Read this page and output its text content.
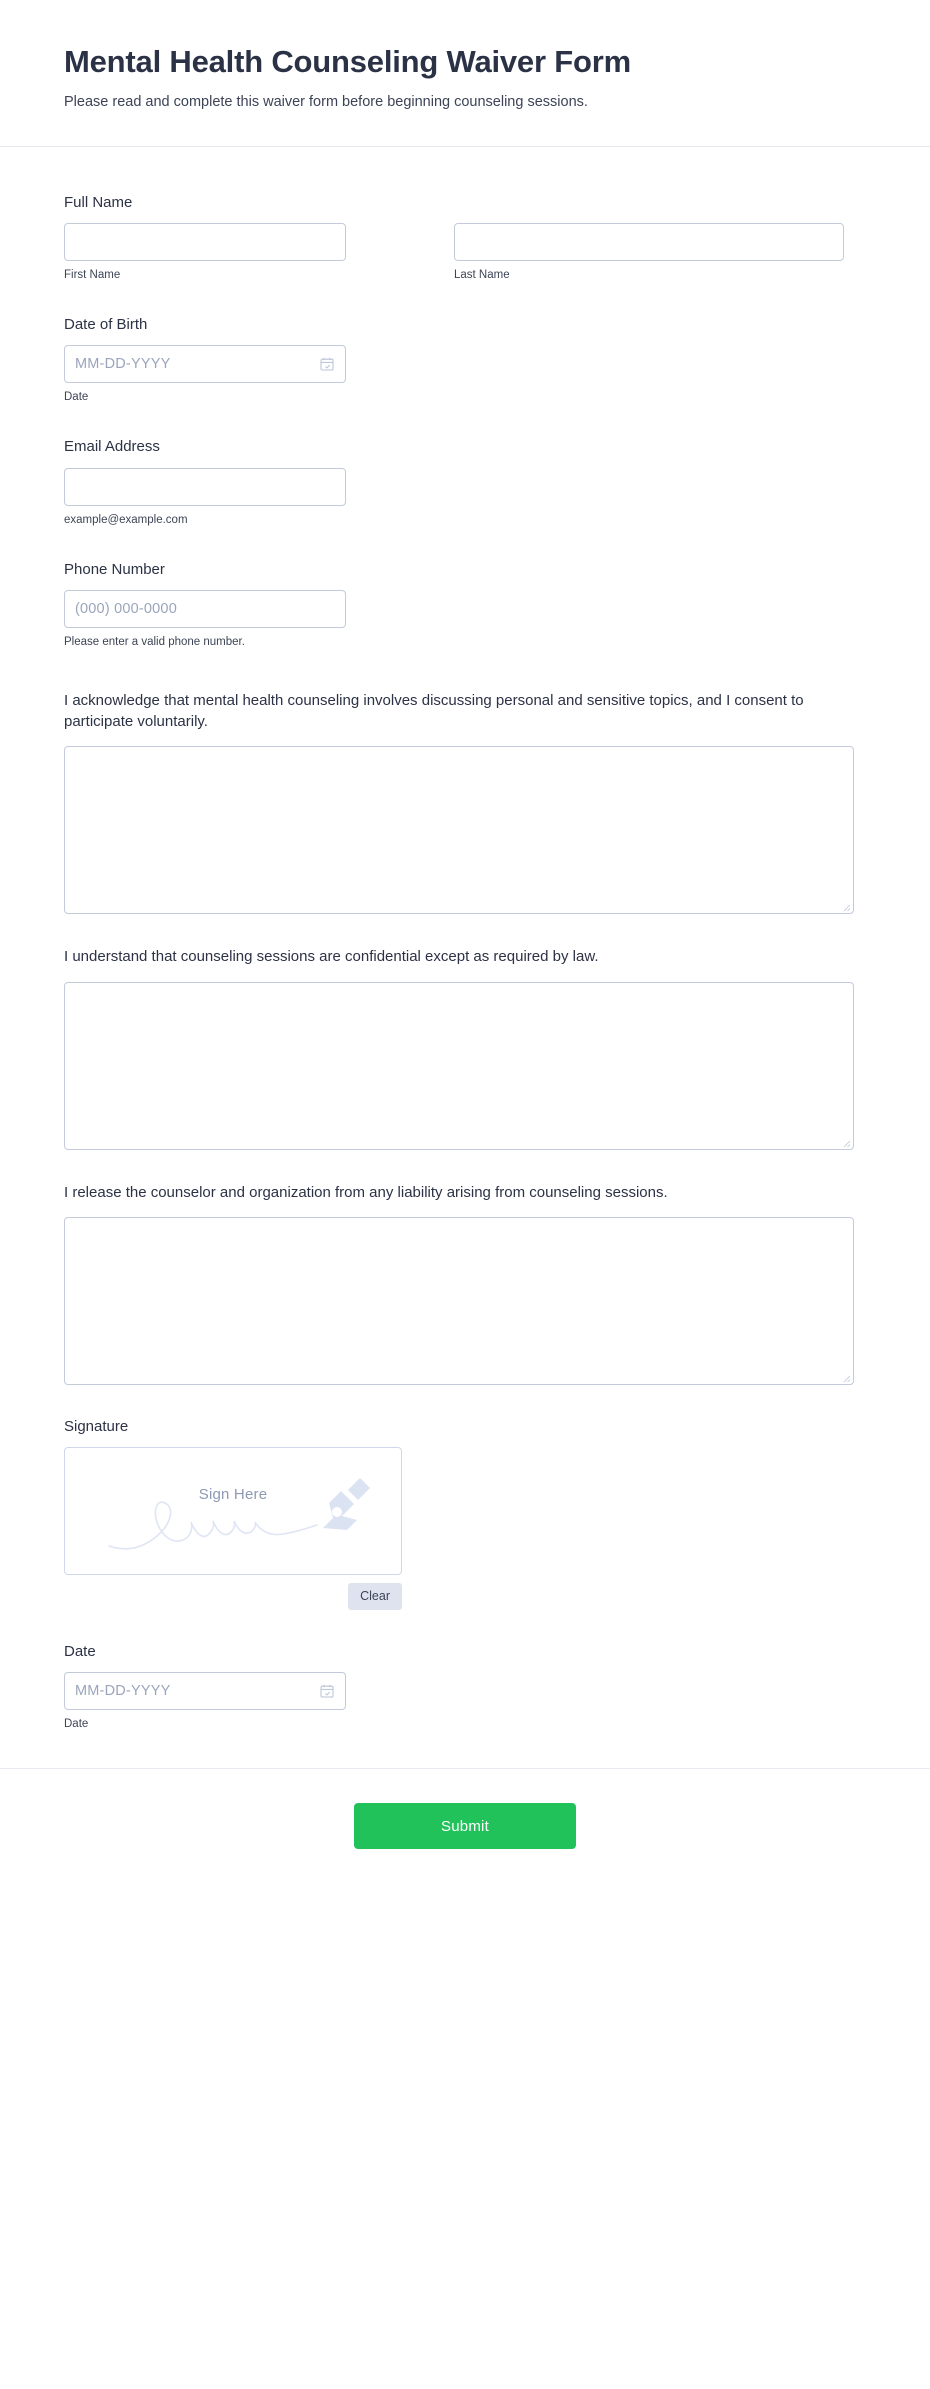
Mental Health Counseling Waiver Form

Please read and complete this waiver form before beginning counseling sessions.

Full Name
First Name	Last Name
Date of Birth
MM-DD-YYYY
Date
Email Address
example@example.com
Phone Number
(000) 000-0000
Please enter a valid phone number.
I acknowledge that mental health counseling involves discussing personal and sensitive topics, and I consent to participate voluntarily.
I understand that counseling sessions are confidential except as required by law.
I release the counselor and organization from any liability arising from counseling sessions.
Signature
Sign Here
Clear
Date
MM-DD-YYYY
Date
Submit
